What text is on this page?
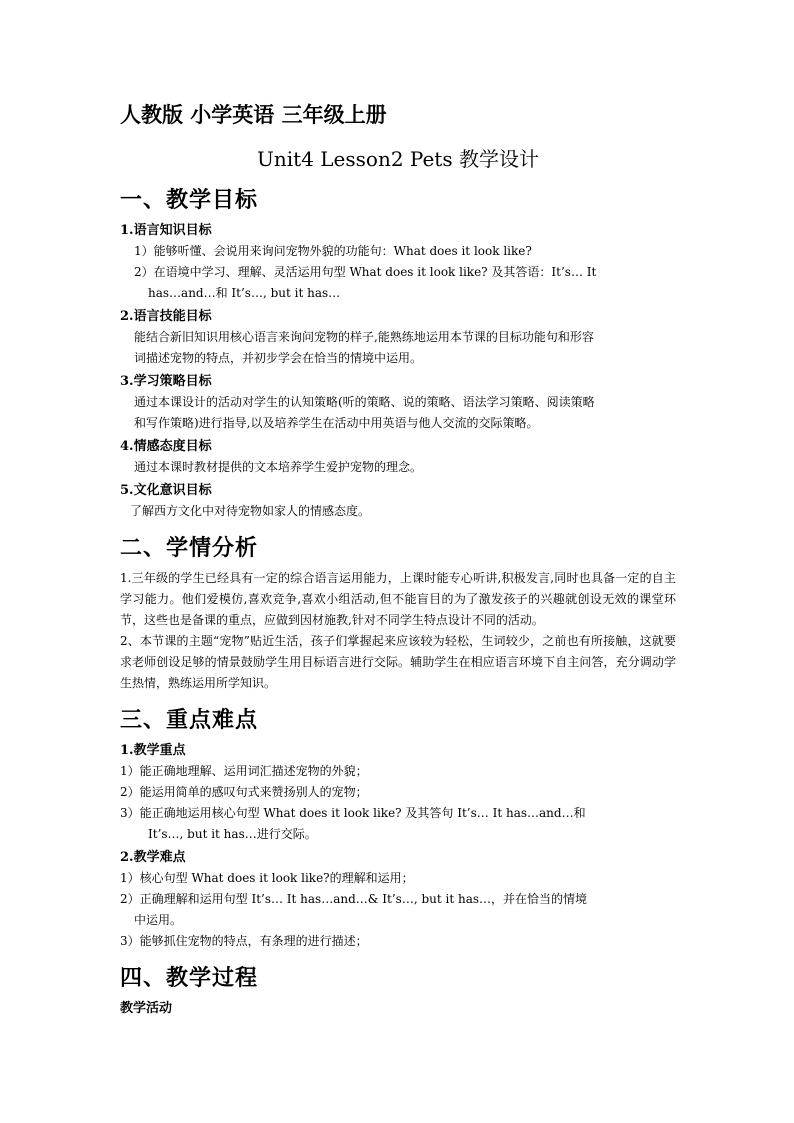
人教版 小学英语 三年级上册
Unit4 Lesson2 Pets 教学设计
一、教学目标
1.语言知识目标
1）能够听懂、会说用来询问宠物外貌的功能句：What does it look like?
2）在语境中学习、理解、灵活运用句型 What does it look like? 及其答语：It’s… It
has…and…和 It’s…, but it has…
2.语言技能目标
能结合新旧知识用核心语言来询问宠物的样子,能熟练地运用本节课的目标功能句和形容
词描述宠物的特点，并初步学会在恰当的情境中运用。
3.学习策略目标
通过本课设计的活动对学生的认知策略(听的策略、说的策略、语法学习策略、阅读策略
和写作策略)进行指导,以及培养学生在活动中用英语与他人交流的交际策略。
4.情感态度目标
通过本课时教材提供的文本培养学生爱护宠物的理念。
5.文化意识目标
了解西方文化中对待宠物如家人的情感态度。
二、学情分析
1.三年级的学生已经具有一定的综合语言运用能力，上课时能专心听讲,积极发言,同时也具备一定的自主学习能力。他们爱模仿,喜欢竞争,喜欢小组活动,但不能盲目的为了激发孩子的兴趣就创设无效的课堂环节，这些也是备课的重点，应做到因材施教,针对不同学生特点设计不同的活动。
2、本节课的主题“宠物”贴近生活，孩子们掌握起来应该较为轻松，生词较少，之前也有所接触，这就要求老师创设足够的情景鼓励学生用目标语言进行交际。辅助学生在相应语言环境下自主问答，充分调动学生热情，熟练运用所学知识。
三、重点难点
1.教学重点
1）能正确地理解、运用词汇描述宠物的外貌；
2）能运用简单的感叹句式来赞扬别人的宠物；
3）能正确地运用核心句型 What does it look like? 及其答句 It’s… It has…and…和
It’s…, but it has…进行交际。
2.教学难点
1）核心句型 What does it look like?的理解和运用；
2）正确理解和运用句型 It’s… It has…and…& It’s…, but it has…，并在恰当的情境
中运用。
3）能够抓住宠物的特点，有条理的进行描述；
四、教学过程
教学活动
